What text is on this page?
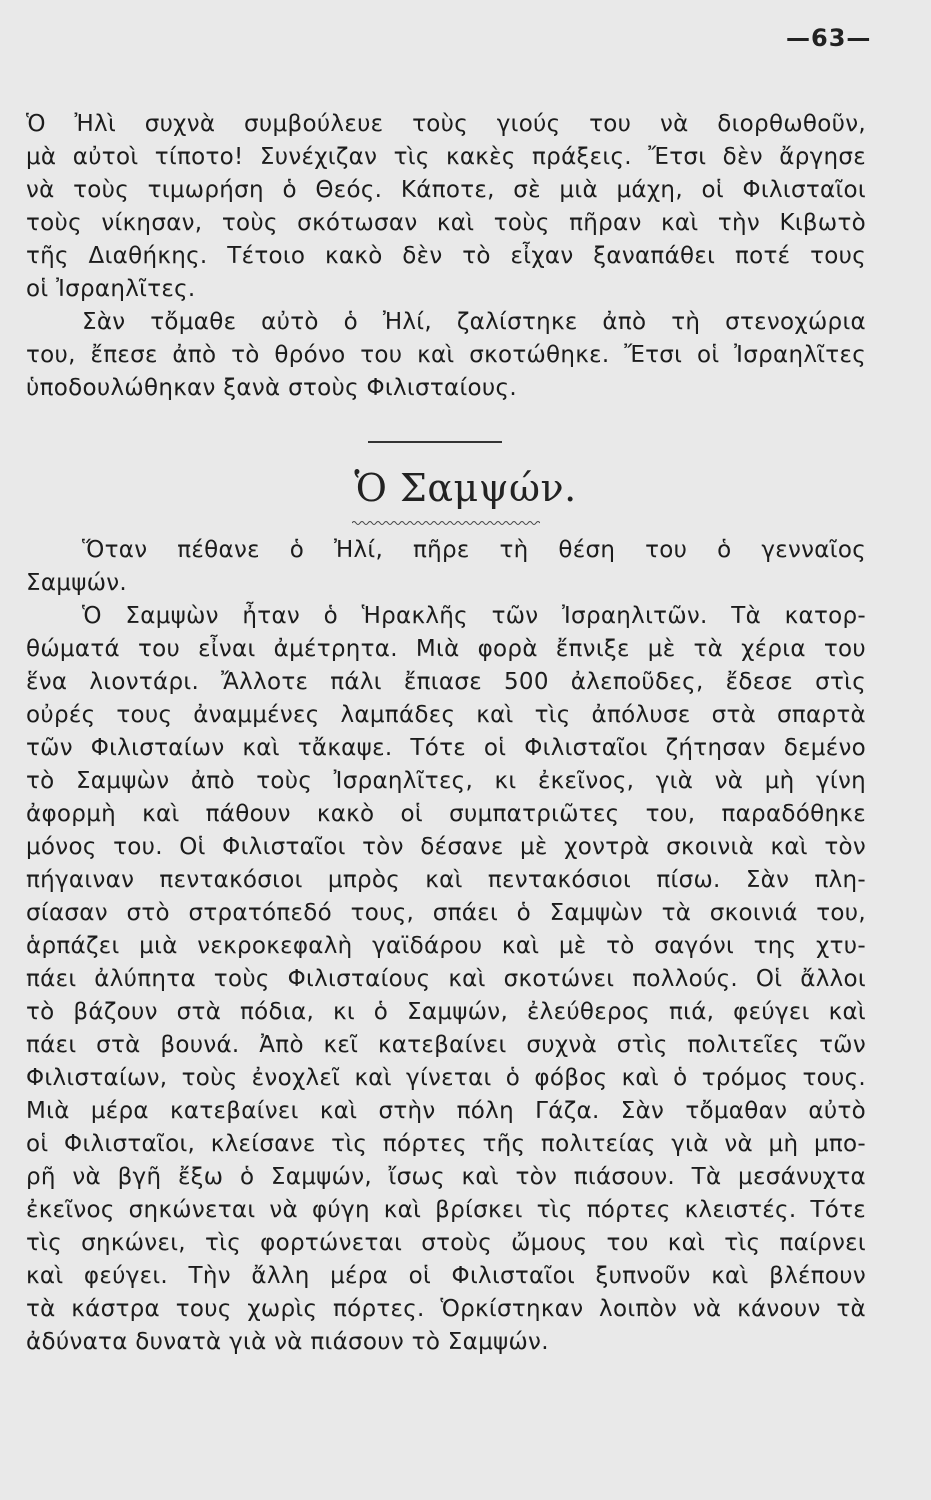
—63—
Ὁ Ἠλὶ συχνὰ συμβούλευε τοὺς γιούς του νὰ διορθωθοῦν,
μὰ αὐτοὶ τίποτο! Συνέχιζαν τὶς κακὲς πράξεις. Ἔτσι δὲν ἄργησε
νὰ τοὺς τιμωρήση ὁ Θεός. Κάποτε, σὲ μιὰ μάχη, οἱ Φιλισταῖοι
τοὺς νίκησαν, τοὺς σκότωσαν καὶ τοὺς πῆραν καὶ τὴν Κιβωτὸ
τῆς Διαθήκης. Τέτοιο κακὸ δὲν τὸ εἶχαν ξαναπάθει ποτέ τους
οἱ Ἰσραηλῖτες.
Σὰν τὄμαθε αὐτὸ ὁ Ἠλί, ζαλίστηκε ἀπὸ τὴ στενοχώρια
του, ἔπεσε ἀπὸ τὸ θρόνο του καὶ σκοτώθηκε. Ἔτσι οἱ Ἰσραηλῖτες
ὑποδουλώθηκαν ξανὰ στοὺς Φιλισταίους.
Ὁ Σαμψών.
Ὅταν πέθανε ὁ Ἠλί, πῆρε τὴ θέση του ὁ γενναῖος
Σαμψών.
Ὁ Σαμψὼν ἦταν ὁ Ἡρακλῆς τῶν Ἰσραηλιτῶν. Τὰ κατορ-
θώματά του εἶναι ἀμέτρητα. Μιὰ φορὰ ἔπνιξε μὲ τὰ χέρια του
ἕνα λιοντάρι. Ἄλλοτε πάλι ἔπιασε 500 ἀλεποῦδες, ἔδεσε στὶς
οὐρές τους ἀναμμένες λαμπάδες καὶ τὶς ἀπόλυσε στὰ σπαρτὰ
τῶν Φιλισταίων καὶ τἄκαψε. Τότε οἱ Φιλισταῖοι ζήτησαν δεμένο
τὸ Σαμψὼν ἀπὸ τοὺς Ἰσραηλῖτες, κι ἐκεῖνος, γιὰ νὰ μὴ γίνη
ἀφορμὴ καὶ πάθουν κακὸ οἱ συμπατριῶτες του, παραδόθηκε
μόνος του. Οἱ Φιλισταῖοι τὸν δέσανε μὲ χοντρὰ σκοινιὰ καὶ τὸν
πήγαιναν πεντακόσιοι μπρὸς καὶ πεντακόσιοι πίσω. Σὰν πλη-
σίασαν στὸ στρατόπεδό τους, σπάει ὁ Σαμψὼν τὰ σκοινιά του,
ἁρπάζει μιὰ νεκροκεφαλὴ γαϊδάρου καὶ μὲ τὸ σαγόνι της χτυ-
πάει ἀλύπητα τοὺς Φιλισταίους καὶ σκοτώνει πολλούς. Οἱ ἄλλοι
τὸ βάζουν στὰ πόδια, κι ὁ Σαμψών, ἐλεύθερος πιά, φεύγει καὶ
πάει στὰ βουνά. Ἀπὸ κεῖ κατεβαίνει συχνὰ στὶς πολιτεῖες τῶν
Φιλισταίων, τοὺς ἐνοχλεῖ καὶ γίνεται ὁ φόβος καὶ ὁ τρόμος τους.
Μιὰ μέρα κατεβαίνει καὶ στὴν πόλη Γάζα. Σὰν τὄμαθαν αὐτὸ
οἱ Φιλισταῖοι, κλείσανε τὶς πόρτες τῆς πολιτείας γιὰ νὰ μὴ μπο-
ρῆ νὰ βγῆ ἔξω ὁ Σαμψών, ἴσως καὶ τὸν πιάσουν. Τὰ μεσάνυχτα
ἐκεῖνος σηκώνεται νὰ φύγη καὶ βρίσκει τὶς πόρτες κλειστές. Τότε
τὶς σηκώνει, τὶς φορτώνεται στοὺς ὤμους του καὶ τὶς παίρνει
καὶ φεύγει. Τὴν ἄλλη μέρα οἱ Φιλισταῖοι ξυπνοῦν καὶ βλέπουν
τὰ κάστρα τους χωρὶς πόρτες. Ὁρκίστηκαν λοιπὸν νὰ κάνουν τὰ
ἀδύνατα δυνατὰ γιὰ νὰ πιάσουν τὸ Σαμψών.
